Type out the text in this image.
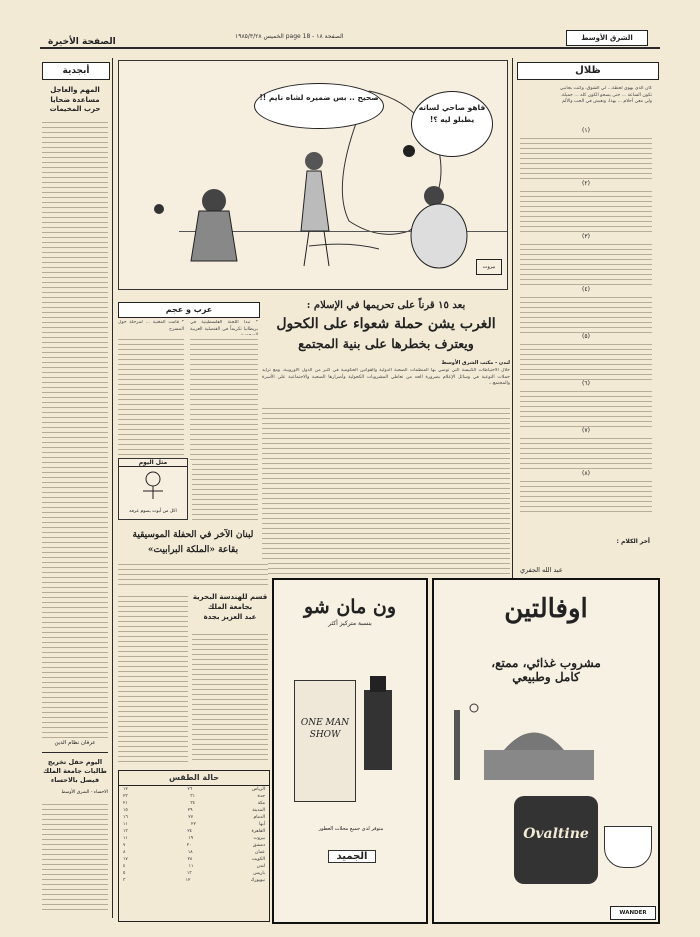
الشرق الأوسط
الصفحة ١٨ - page 18 الخميس ١٩٨٥/٣/٢٨
الصفحة الأخيرة
ظلال
كان الذي يهوى لحظة... لي الشوق، وكنت بجانبي
تكون الساعة ... حتى يصحو الكون كله ... جميلة.
ولي معي أحلام ... بهذا، ونعيش في الحب والألم
(١)
(٢)
(٣)
(٤)
(٥)
(٦)
(٧)
(٨)
أخر الكلام :
عبد الله الجفري
صحيح .. بس ضميره لشاه نايم !!
فاهو صاحي لساته يطبلو ليه ؟!
بيروت
بعد ١٥ قرناً على تحريمها في الإسلام :
الغرب يشن حملة شعواء على الكحول
ويعترف بخطرها على بنية المجتمع
لندن - مكتب الشرق الأوسط
خلال الاحتياطات الكنيسة التي توصي بها المنظمات الصحية الدولية والقوانين الحكومية في كثير من الدول الأوروبية، ومع تزايد حملات التوعية في وسائل الإعلام بضرورة الحد من تعاطي المشروبات الكحولية وأضرارها الصحية والاجتماعية على الأسرة والمجتمع...
أبجدية
المهم والعاجل
مساعدة ضحايا حرب المخيمات
عرفان نظام الدين
اليوم حفل تخريج طالبات جامعة الملك فيصل بالاحساء
الاحساء - الشرق الأوسط
عرب و عجم
* تبدأ اللجنة الفلسطينية في بريطانيا تكريماً في القنصلية العربية
* قامت المغنية ... لمرحلة حول المسرح
مثل اليوم
اكل من أبوت يصوم عرفه
لبنان الآخر في الحفلة الموسيقية
بقاعة «الملكة البرابيت»
قسم للهندسة البحرية
بجامعة الملك
عبد العزيز بجدة
حالة الطقس
الرياض
٢٦
١٢
جدة
٣١
٢٣
مكة
٣٤
٢١
المدينة
٢٩
١٥
الدمام
٢٧
١٦
أبها
٢٢
١١
القاهرة
٢٤
١٣
بيروت
١٩
١١
دمشق
٢٠
٧
عمان
١٨
٨
الكويت
٢٨
١٧
لندن
١١
٤
باريس
١٣
٥
نيويورك
١٢
٣
ون مان شو
بنسبة متركيز أكثر
ONE MAN SHOW
متوفر لدى جميع محلات العطور
الجميد
اوفالتين
مشروب غذائي، ممتع،
كامل وطبيعي
Ovaltine
WANDER
